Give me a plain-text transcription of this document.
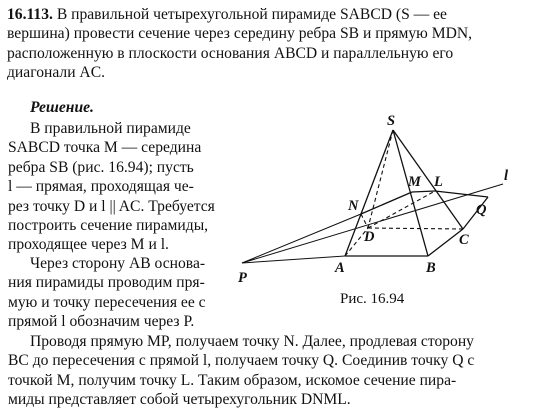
16.113. В правильной четырехугольной пирамиде SABCD (S — ее
вершина) провести сечение через середину ребра SB и прямую MDN,
расположенную в плоскости основания ABCD и параллельную его
диагонали AC.

Решение.

В правильной пирамиде
SABCD точка M — середина
ребра SB (рис. 16.94); пусть
l — прямая, проходящая че-
рез точку D и l || AC. Требуется
построить сечение пирамиды,
проходящее через M и l.
Через сторону AB основа-
ния пирамиды проводим пря-
мую и точку пересечения ее с
прямой l обозначим через P.
S
N
M L	l
Q
D	C
P
A	B

Рис. 16.94

Проводя прямую MP, получаем точку N. Далее, продлевая сторону
BC до пересечения с прямой l, получаем точку Q. Соединив точку Q с
точкой M, получим точку L. Таким образом, искомое сечение пира-
миды представляет собой четырехугольник DNML.
